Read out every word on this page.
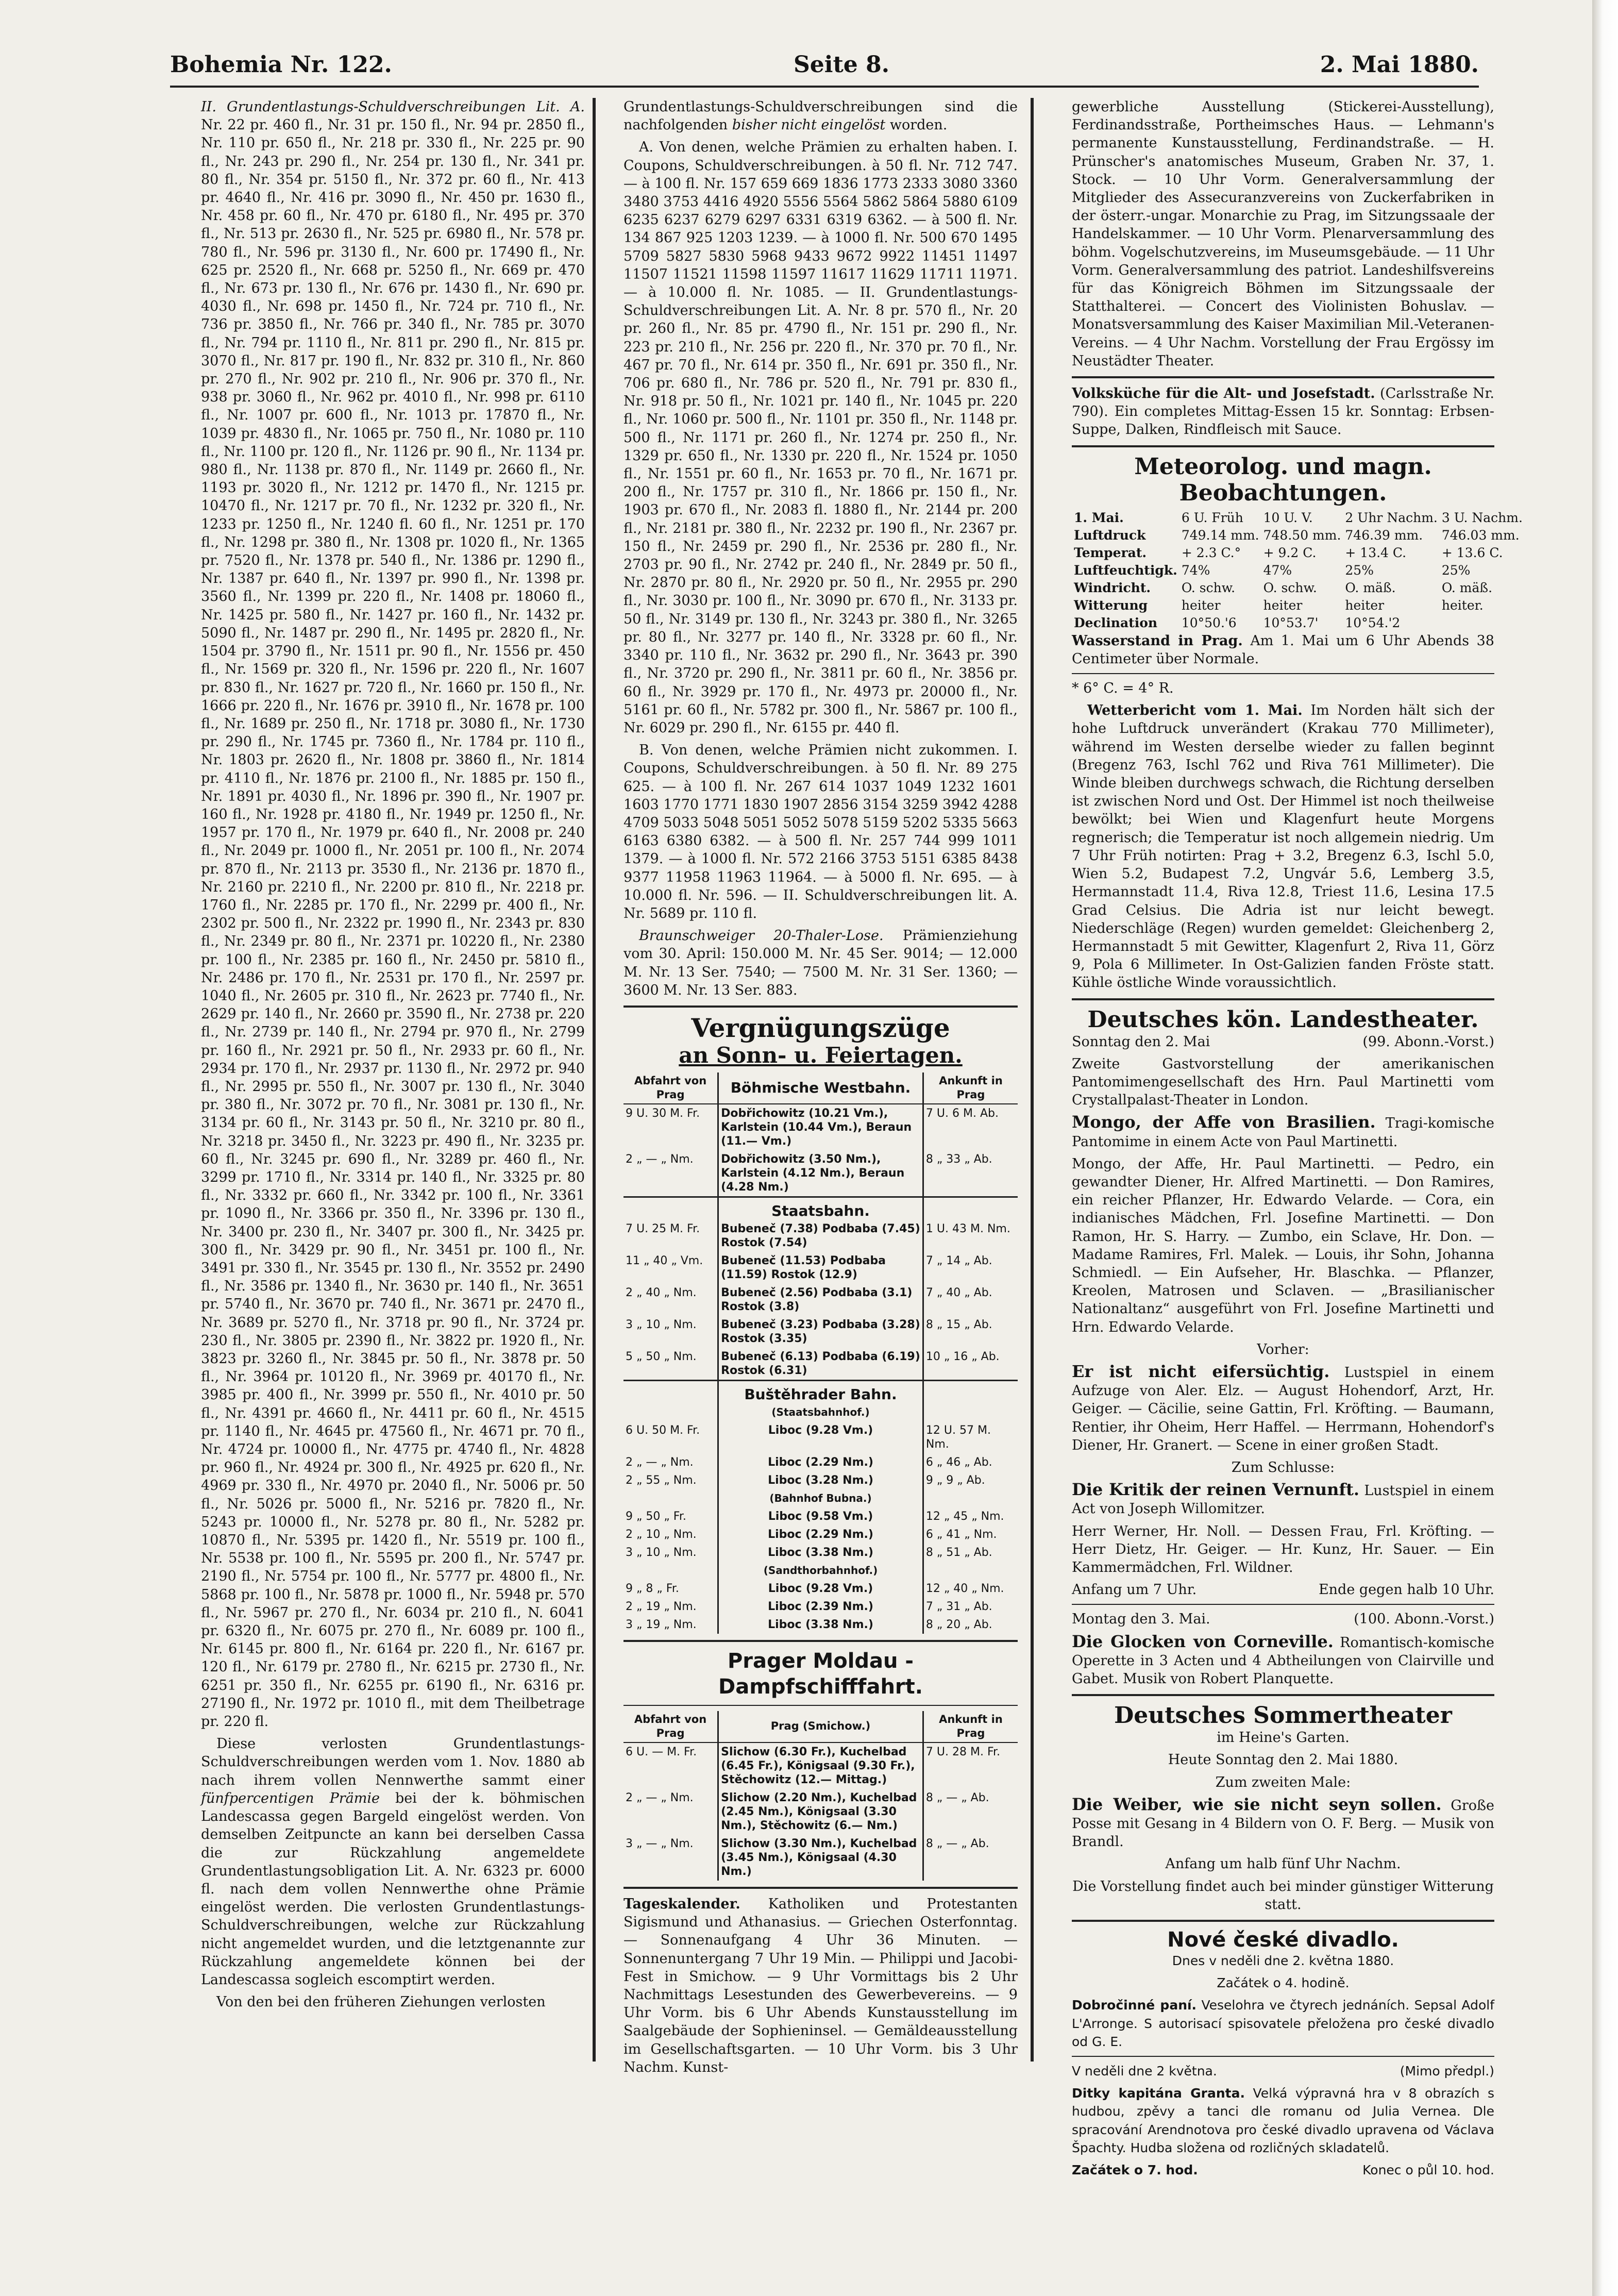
Bohemia Nr. 122.	Seite 8.	2. Mai 1880.

II. Grundentlastungs-Schuldverschreibungen Lit. A. Nr. 22 pr. 460 fl., Nr. 31 pr. 150 fl., Nr. 94 pr. 2850 fl., Nr. 110 pr. 650 fl., Nr. 218 pr. 330 fl., Nr. 225 pr. 90 fl., Nr. 243 pr. 290 fl., Nr. 254 pr. 130 fl., Nr. 341 pr. 80 fl., Nr. 354 pr. 5150 fl., Nr. 372 pr. 60 fl., Nr. 413 pr. 4640 fl., Nr. 416 pr. 3090 fl., Nr. 450 pr. 1630 fl., Nr. 458 pr. 60 fl., Nr. 470 pr. 6180 fl., Nr. 495 pr. 370 fl., Nr. 513 pr. 2630 fl., Nr. 525 pr. 6980 fl., Nr. 578 pr. 780 fl., Nr. 596 pr. 3130 fl., Nr. 600 pr. 17490 fl., Nr. 625 pr. 2520 fl., Nr. 668 pr. 5250 fl., Nr. 669 pr. 470 fl., Nr. 673 pr. 130 fl., Nr. 676 pr. 1430 fl., Nr. 690 pr. 4030 fl., Nr. 698 pr. 1450 fl., Nr. 724 pr. 710 fl., Nr. 736 pr. 3850 fl., Nr. 766 pr. 340 fl., Nr. 785 pr. 3070 fl., Nr. 794 pr. 1110 fl., Nr. 811 pr. 290 fl., Nr. 815 pr. 3070 fl., Nr. 817 pr. 190 fl., Nr. 832 pr. 310 fl., Nr. 860 pr. 270 fl., Nr. 902 pr. 210 fl., Nr. 906 pr. 370 fl., Nr. 938 pr. 3060 fl., Nr. 962 pr. 4010 fl., Nr. 998 pr. 6110 fl., Nr. 1007 pr. 600 fl., Nr. 1013 pr. 17870 fl., Nr. 1039 pr. 4830 fl., Nr. 1065 pr. 750 fl., Nr. 1080 pr. 110 fl., Nr. 1100 pr. 120 fl., Nr. 1126 pr. 90 fl., Nr. 1134 pr. 980 fl., Nr. 1138 pr. 870 fl., Nr. 1149 pr. 2660 fl., Nr. 1193 pr. 3020 fl., Nr. 1212 pr. 1470 fl., Nr. 1215 pr. 10470 fl., Nr. 1217 pr. 70 fl., Nr. 1232 pr. 320 fl., Nr. 1233 pr. 1250 fl., Nr. 1240 fl. 60 fl., Nr. 1251 pr. 170 fl., Nr. 1298 pr. 380 fl., Nr. 1308 pr. 1020 fl., Nr. 1365 pr. 7520 fl., Nr. 1378 pr. 540 fl., Nr. 1386 pr. 1290 fl., Nr. 1387 pr. 640 fl., Nr. 1397 pr. 990 fl., Nr. 1398 pr. 3560 fl., Nr. 1399 pr. 220 fl., Nr. 1408 pr. 18060 fl., Nr. 1425 pr. 580 fl., Nr. 1427 pr. 160 fl., Nr. 1432 pr. 5090 fl., Nr. 1487 pr. 290 fl., Nr. 1495 pr. 2820 fl., Nr. 1504 pr. 3790 fl., Nr. 1511 pr. 90 fl., Nr. 1556 pr. 450 fl., Nr. 1569 pr. 320 fl., Nr. 1596 pr. 220 fl., Nr. 1607 pr. 830 fl., Nr. 1627 pr. 720 fl., Nr. 1660 pr. 150 fl., Nr. 1666 pr. 220 fl., Nr. 1676 pr. 3910 fl., Nr. 1678 pr. 100 fl., Nr. 1689 pr. 250 fl., Nr. 1718 pr. 3080 fl., Nr. 1730 pr. 290 fl., Nr. 1745 pr. 7360 fl., Nr. 1784 pr. 110 fl., Nr. 1803 pr. 2620 fl., Nr. 1808 pr. 3860 fl., Nr. 1814 pr. 4110 fl., Nr. 1876 pr. 2100 fl., Nr. 1885 pr. 150 fl., Nr. 1891 pr. 4030 fl., Nr. 1896 pr. 390 fl., Nr. 1907 pr. 160 fl., Nr. 1928 pr. 4180 fl., Nr. 1949 pr. 1250 fl., Nr. 1957 pr. 170 fl., Nr. 1979 pr. 640 fl., Nr. 2008 pr. 240 fl., Nr. 2049 pr. 1000 fl., Nr. 2051 pr. 100 fl., Nr. 2074 pr. 870 fl., Nr. 2113 pr. 3530 fl., Nr. 2136 pr. 1870 fl., Nr. 2160 pr. 2210 fl., Nr. 2200 pr. 810 fl., Nr. 2218 pr. 1760 fl., Nr. 2285 pr. 170 fl., Nr. 2299 pr. 400 fl., Nr. 2302 pr. 500 fl., Nr. 2322 pr. 1990 fl., Nr. 2343 pr. 830 fl., Nr. 2349 pr. 80 fl., Nr. 2371 pr. 10220 fl., Nr. 2380 pr. 100 fl., Nr. 2385 pr. 160 fl., Nr. 2450 pr. 5810 fl., Nr. 2486 pr. 170 fl., Nr. 2531 pr. 170 fl., Nr. 2597 pr. 1040 fl., Nr. 2605 pr. 310 fl., Nr. 2623 pr. 7740 fl., Nr. 2629 pr. 140 fl., Nr. 2660 pr. 3590 fl., Nr. 2738 pr. 220 fl., Nr. 2739 pr. 140 fl., Nr. 2794 pr. 970 fl., Nr. 2799 pr. 160 fl., Nr. 2921 pr. 50 fl., Nr. 2933 pr. 60 fl., Nr. 2934 pr. 170 fl., Nr. 2937 pr. 1130 fl., Nr. 2972 pr. 940 fl., Nr. 2995 pr. 550 fl., Nr. 3007 pr. 130 fl., Nr. 3040 pr. 380 fl., Nr. 3072 pr. 70 fl., Nr. 3081 pr. 130 fl., Nr. 3134 pr. 60 fl., Nr. 3143 pr. 50 fl., Nr. 3210 pr. 80 fl., Nr. 3218 pr. 3450 fl., Nr. 3223 pr. 490 fl., Nr. 3235 pr. 60 fl., Nr. 3245 pr. 690 fl., Nr. 3289 pr. 460 fl., Nr. 3299 pr. 1710 fl., Nr. 3314 pr. 140 fl., Nr. 3325 pr. 80 fl., Nr. 3332 pr. 660 fl., Nr. 3342 pr. 100 fl., Nr. 3361 pr. 1090 fl., Nr. 3366 pr. 350 fl., Nr. 3396 pr. 130 fl., Nr. 3400 pr. 230 fl., Nr. 3407 pr. 300 fl., Nr. 3425 pr. 300 fl., Nr. 3429 pr. 90 fl., Nr. 3451 pr. 100 fl., Nr. 3491 pr. 330 fl., Nr. 3545 pr. 130 fl., Nr. 3552 pr. 2490 fl., Nr. 3586 pr. 1340 fl., Nr. 3630 pr. 140 fl., Nr. 3651 pr. 5740 fl., Nr. 3670 pr. 740 fl., Nr. 3671 pr. 2470 fl., Nr. 3689 pr. 5270 fl., Nr. 3718 pr. 90 fl., Nr. 3724 pr. 230 fl., Nr. 3805 pr. 2390 fl., Nr. 3822 pr. 1920 fl., Nr. 3823 pr. 3260 fl., Nr. 3845 pr. 50 fl., Nr. 3878 pr. 50 fl., Nr. 3964 pr. 10120 fl., Nr. 3969 pr. 40170 fl., Nr. 3985 pr. 400 fl., Nr. 3999 pr. 550 fl., Nr. 4010 pr. 50 fl., Nr. 4391 pr. 4660 fl., Nr. 4411 pr. 60 fl., Nr. 4515 pr. 1140 fl., Nr. 4645 pr. 47560 fl., Nr. 4671 pr. 70 fl., Nr. 4724 pr. 10000 fl., Nr. 4775 pr. 4740 fl., Nr. 4828 pr. 960 fl., Nr. 4924 pr. 300 fl., Nr. 4925 pr. 620 fl., Nr. 4969 pr. 330 fl., Nr. 4970 pr. 2040 fl., Nr. 5006 pr. 50 fl., Nr. 5026 pr. 5000 fl., Nr. 5216 pr. 7820 fl., Nr. 5243 pr. 10000 fl., Nr. 5278 pr. 80 fl., Nr. 5282 pr. 10870 fl., Nr. 5395 pr. 1420 fl., Nr. 5519 pr. 100 fl., Nr. 5538 pr. 100 fl., Nr. 5595 pr. 200 fl., Nr. 5747 pr. 2190 fl., Nr. 5754 pr. 100 fl., Nr. 5777 pr. 4800 fl., Nr. 5868 pr. 100 fl., Nr. 5878 pr. 1000 fl., Nr. 5948 pr. 570 fl., Nr. 5967 pr. 270 fl., Nr. 6034 pr. 210 fl., N. 6041 pr. 6320 fl., Nr. 6075 pr. 270 fl., Nr. 6089 pr. 100 fl., Nr. 6145 pr. 800 fl., Nr. 6164 pr. 220 fl., Nr. 6167 pr. 120 fl., Nr. 6179 pr. 2780 fl., Nr. 6215 pr. 2730 fl., Nr. 6251 pr. 350 fl., Nr. 6255 pr. 6190 fl., Nr. 6316 pr. 27190 fl., Nr. 1972 pr. 1010 fl., mit dem Theilbetrage pr. 220 fl.

Diese verlosten Grundentlastungs-Schuldverschreibungen werden vom 1. Nov. 1880 ab nach ihrem vollen Nennwerthe sammt einer fünfpercentigen Prämie bei der k. böhmischen Landescassa gegen Bargeld eingelöst werden. Von demselben Zeitpuncte an kann bei derselben Cassa die zur Rückzahlung angemeldete Grundentlastungsobligation Lit. A. Nr. 6323 pr. 6000 fl. nach dem vollen Nennwerthe ohne Prämie eingelöst werden. Die verlosten Grundentlastungs-Schuldverschreibungen, welche zur Rückzahlung nicht angemeldet wurden, und die letztgenannte zur Rückzahlung angemeldete können bei der Landescassa sogleich escomptirt werden.

Von den bei den früheren Ziehungen verlosten

Grundentlastungs-Schuldverschreibungen sind die nachfolgenden bisher nicht eingelöst worden.

A. Von denen, welche Prämien zu erhalten haben. I. Coupons, Schuldverschreibungen. à 50 fl. Nr. 712 747. — à 100 fl. Nr. 157 659 669 1836 1773 2333 3080 3360 3480 3753 4416 4920 5556 5564 5862 5864 5880 6109 6235 6237 6279 6297 6331 6319 6362. — à 500 fl. Nr. 134 867 925 1203 1239. — à 1000 fl. Nr. 500 670 1495 5709 5827 5830 5968 9433 9672 9922 11451 11497 11507 11521 11598 11597 11617 11629 11711 11971. — à 10.000 fl. Nr. 1085. — II. Grundentlastungs-Schuldverschreibungen Lit. A. Nr. 8 pr. 570 fl., Nr. 20 pr. 260 fl., Nr. 85 pr. 4790 fl., Nr. 151 pr. 290 fl., Nr. 223 pr. 210 fl., Nr. 256 pr. 220 fl., Nr. 370 pr. 70 fl., Nr. 467 pr. 70 fl., Nr. 614 pr. 350 fl., Nr. 691 pr. 350 fl., Nr. 706 pr. 680 fl., Nr. 786 pr. 520 fl., Nr. 791 pr. 830 fl., Nr. 918 pr. 50 fl., Nr. 1021 pr. 140 fl., Nr. 1045 pr. 220 fl., Nr. 1060 pr. 500 fl., Nr. 1101 pr. 350 fl., Nr. 1148 pr. 500 fl., Nr. 1171 pr. 260 fl., Nr. 1274 pr. 250 fl., Nr. 1329 pr. 650 fl., Nr. 1330 pr. 220 fl., Nr. 1524 pr. 1050 fl., Nr. 1551 pr. 60 fl., Nr. 1653 pr. 70 fl., Nr. 1671 pr. 200 fl., Nr. 1757 pr. 310 fl., Nr. 1866 pr. 150 fl., Nr. 1903 pr. 670 fl., Nr. 2083 fl. 1880 fl., Nr. 2144 pr. 200 fl., Nr. 2181 pr. 380 fl., Nr. 2232 pr. 190 fl., Nr. 2367 pr. 150 fl., Nr. 2459 pr. 290 fl., Nr. 2536 pr. 280 fl., Nr. 2703 pr. 90 fl., Nr. 2742 pr. 240 fl., Nr. 2849 pr. 50 fl., Nr. 2870 pr. 80 fl., Nr. 2920 pr. 50 fl., Nr. 2955 pr. 290 fl., Nr. 3030 pr. 100 fl., Nr. 3090 pr. 670 fl., Nr. 3133 pr. 50 fl., Nr. 3149 pr. 130 fl., Nr. 3243 pr. 380 fl., Nr. 3265 pr. 80 fl., Nr. 3277 pr. 140 fl., Nr. 3328 pr. 60 fl., Nr. 3340 pr. 110 fl., Nr. 3632 pr. 290 fl., Nr. 3643 pr. 390 fl., Nr. 3720 pr. 290 fl., Nr. 3811 pr. 60 fl., Nr. 3856 pr. 60 fl., Nr. 3929 pr. 170 fl., Nr. 4973 pr. 20000 fl., Nr. 5161 pr. 60 fl., Nr. 5782 pr. 300 fl., Nr. 5867 pr. 100 fl., Nr. 6029 pr. 290 fl., Nr. 6155 pr. 440 fl.

B. Von denen, welche Prämien nicht zukommen. I. Coupons, Schuldverschreibungen. à 50 fl. Nr. 89 275 625. — à 100 fl. Nr. 267 614 1037 1049 1232 1601 1603 1770 1771 1830 1907 2856 3154 3259 3942 4288 4709 5033 5048 5051 5052 5078 5159 5202 5335 5663 6163 6380 6382. — à 500 fl. Nr. 257 744 999 1011 1379. — à 1000 fl. Nr. 572 2166 3753 5151 6385 8438 9377 11958 11963 11964. — à 5000 fl. Nr. 695. — à 10.000 fl. Nr. 596. — II. Schuldverschreibungen lit. A. Nr. 5689 pr. 110 fl.

Braunschweiger 20-Thaler-Lose. Prämienziehung vom 30. April: 150.000 M. Nr. 45 Ser. 9014; — 12.000 M. Nr. 13 Ser. 7540; — 7500 M. Nr. 31 Ser. 1360; — 3600 M. Nr. 13 Ser. 883.

Vergnügungszüge
an Sonn- u. Feiertagen.
Abfahrt von Prag	Böhmische Westbahn.	Ankunft in Prag
9 U. 30 M. Fr.	Dobřichowitz (10.21 Vm.), Karlstein (10.44 Vm.), Beraun (11.— Vm.)	7 U. 6 M. Ab.
2 „ — „ Nm.	Dobřichowitz (3.50 Nm.), Karlstein (4.12 Nm.), Beraun (4.28 Nm.)	8 „ 33 „ Ab.
	Staatsbahn.	
7 U. 25 M. Fr.	Bubeneč (7.38) Podbaba (7.45) Rostok (7.54)	1 U. 43 M. Nm.
11 „ 40 „ Vm.	Bubeneč (11.53) Podbaba (11.59) Rostok (12.9)	7 „ 14 „ Ab.
2 „ 40 „ Nm.	Bubeneč (2.56) Podbaba (3.1) Rostok (3.8)	7 „ 40 „ Ab.
3 „ 10 „ Nm.	Bubeneč (3.23) Podbaba (3.28) Rostok (3.35)	8 „ 15 „ Ab.
5 „ 50 „ Nm.	Bubeneč (6.13) Podbaba (6.19) Rostok (6.31)	10 „ 16 „ Ab.
	Buštěhrader Bahn.	
	(Staatsbahnhof.)	
6 U. 50 M. Fr.	Liboc (9.28 Vm.)	12 U. 57 M. Nm.
2 „ — „ Nm.	Liboc (2.29 Nm.)	6 „ 46 „ Ab.
2 „ 55 „ Nm.	Liboc (3.28 Nm.)	9 „ 9 „ Ab.
	(Bahnhof Bubna.)	
9 „ 50 „ Fr.	Liboc (9.58 Vm.)	12 „ 45 „ Nm.
2 „ 10 „ Nm.	Liboc (2.29 Nm.)	6 „ 41 „ Nm.
3 „ 10 „ Nm.	Liboc (3.38 Nm.)	8 „ 51 „ Ab.
	(Sandthorbahnhof.)	
9 „ 8 „ Fr.	Liboc (9.28 Vm.)	12 „ 40 „ Nm.
2 „ 19 „ Nm.	Liboc (2.39 Nm.)	7 „ 31 „ Ab.
3 „ 19 „ Nm.	Liboc (3.38 Nm.)	8 „ 20 „ Ab.
Prager Moldau - Dampfschifffahrt.
Abfahrt von Prag	Prag (Smichow.)	Ankunft in Prag
6 U. — M. Fr.	Slichow (6.30 Fr.), Kuchelbad (6.45 Fr.), Königsaal (9.30 Fr.), Stěchowitz (12.— Mittag.)	7 U. 28 M. Fr.
2 „ — „ Nm.	Slichow (2.20 Nm.), Kuchelbad (2.45 Nm.), Königsaal (3.30 Nm.), Stěchowitz (6.— Nm.)	8 „ — „ Ab.
3 „ — „ Nm.	Slichow (3.30 Nm.), Kuchelbad (3.45 Nm.), Königsaal (4.30 Nm.)	8 „ — „ Ab.

Tageskalender. Katholiken und Protestanten Sigismund und Athanasius. — Griechen Osterfonntag. — Sonnenaufgang 4 Uhr 36 Minuten. — Sonnenuntergang 7 Uhr 19 Min. — Philippi und Jacobi-Fest in Smichow. — 9 Uhr Vormittags bis 2 Uhr Nachmittags Lesestunden des Gewerbevereins. — 9 Uhr Vorm. bis 6 Uhr Abends Kunstausstellung im Saalgebäude der Sophieninsel. — Gemäldeausstellung im Gesellschaftsgarten. — 10 Uhr Vorm. bis 3 Uhr Nachm. Kunst-

gewerbliche Ausstellung (Stickerei-Ausstellung), Ferdinandsstraße, Portheimsches Haus. — Lehmann's permanente Kunstausstellung, Ferdinandstraße. — H. Prünscher's anatomisches Museum, Graben Nr. 37, 1. Stock. — 10 Uhr Vorm. Generalversammlung der Mitglieder des Assecuranzvereins von Zuckerfabriken in der österr.-ungar. Monarchie zu Prag, im Sitzungssaale der Handelskammer. — 10 Uhr Vorm. Plenarversammlung des böhm. Vogelschutzvereins, im Museumsgebäude. — 11 Uhr Vorm. Generalversammlung des patriot. Landeshilfsvereins für das Königreich Böhmen im Sitzungssaale der Statthalterei. — Concert des Violinisten Bohuslav. — Monatsversammlung des Kaiser Maximilian Mil.-Veteranen-Vereins. — 4 Uhr Nachm. Vorstellung der Frau Ergössy im Neustädter Theater.

Volksküche für die Alt- und Josefstadt. (Carlsstraße Nr. 790). Ein completes Mittag-Essen 15 kr. Sonntag: Erbsen-Suppe, Dalken, Rindfleisch mit Sauce.

Meteorolog. und magn. Beobachtungen.
1. Mai.	6 U. Früh	10 U. V.	2 Uhr Nachm.	3 U. Nachm.
Luftdruck	749.14 mm.	748.50 mm.	746.39 mm.	746.03 mm.
Temperat.	+ 2.3 C.°	+ 9.2 C.	+ 13.4 C.	+ 13.6 C.
Luftfeuchtigk.	74%	47%	25%	25%
Windricht.	O. schw.	O. schw.	O. mäß.	O. mäß.
Witterung	heiter	heiter	heiter	heiter.
Declination	10°50.'6	10°53.7'	10°54.'2	

Wasserstand in Prag. Am 1. Mai um 6 Uhr Abends 38 Centimeter über Normale.

* 6° C. = 4° R.

Wetterbericht vom 1. Mai. Im Norden hält sich der hohe Luftdruck unverändert (Krakau 770 Millimeter), während im Westen derselbe wieder zu fallen beginnt (Bregenz 763, Ischl 762 und Riva 761 Millimeter). Die Winde bleiben durchwegs schwach, die Richtung derselben ist zwischen Nord und Ost. Der Himmel ist noch theilweise bewölkt; bei Wien und Klagenfurt heute Morgens regnerisch; die Temperatur ist noch allgemein niedrig. Um 7 Uhr Früh notirten: Prag + 3.2, Bregenz 6.3, Ischl 5.0, Wien 5.2, Budapest 7.2, Ungvár 5.6, Lemberg 3.5, Hermannstadt 11.4, Riva 12.8, Triest 11.6, Lesina 17.5 Grad Celsius. Die Adria ist nur leicht bewegt. Niederschläge (Regen) wurden gemeldet: Gleichenberg 2, Hermannstadt 5 mit Gewitter, Klagenfurt 2, Riva 11, Görz 9, Pola 6 Millimeter. In Ost-Galizien fanden Fröste statt. Kühle östliche Winde voraussichtlich.

Deutsches kön. Landestheater.

Sonntag den 2. Mai	(99. Abonn.-Vorst.)

Zweite Gastvorstellung der amerikanischen Pantomimengesellschaft des Hrn. Paul Martinetti vom Crystallpalast-Theater in London.

Mongo, der Affe von Brasilien. Tragi-komische Pantomime in einem Acte von Paul Martinetti.

Mongo, der Affe, Hr. Paul Martinetti. — Pedro, ein gewandter Diener, Hr. Alfred Martinetti. — Don Ramires, ein reicher Pflanzer, Hr. Edwardo Velarde. — Cora, ein indianisches Mädchen, Frl. Josefine Martinetti. — Don Ramon, Hr. S. Harry. — Zumbo, ein Sclave, Hr. Don. — Madame Ramires, Frl. Malek. — Louis, ihr Sohn, Johanna Schmiedl. — Ein Aufseher, Hr. Blaschka. — Pflanzer, Kreolen, Matrosen und Sclaven. — „Brasilianischer Nationaltanz“ ausgeführt von Frl. Josefine Martinetti und Hrn. Edwardo Velarde.

Vorher:

Er ist nicht eifersüchtig. Lustspiel in einem Aufzuge von Aler. Elz. — August Hohendorf, Arzt, Hr. Geiger. — Cäcilie, seine Gattin, Frl. Kröfting. — Baumann, Rentier, ihr Oheim, Herr Haffel. — Herrmann, Hohendorf's Diener, Hr. Granert. — Scene in einer großen Stadt.

Zum Schlusse:

Die Kritik der reinen Vernunft. Lustspiel in einem Act von Joseph Willomitzer.

Herr Werner, Hr. Noll. — Dessen Frau, Frl. Kröfting. — Herr Dietz, Hr. Geiger. — Hr. Kunz, Hr. Sauer. — Ein Kammermädchen, Frl. Wildner.

Anfang um 7 Uhr.	Ende gegen halb 10 Uhr.

Montag den 3. Mai.	(100. Abonn.-Vorst.)

Die Glocken von Corneville. Romantisch-komische Operette in 3 Acten und 4 Abtheilungen von Clairville und Gabet. Musik von Robert Planquette.

Deutsches Sommertheater

im Heine's Garten.

Heute Sonntag den 2. Mai 1880.

Zum zweiten Male:

Die Weiber, wie sie nicht seyn sollen. Große Posse mit Gesang in 4 Bildern von O. F. Berg. — Musik von Brandl.

Anfang um halb fünf Uhr Nachm.

Die Vorstellung findet auch bei minder günstiger Witterung statt.

Nové české divadlo.

Dnes v neděli dne 2. května 1880.

Začátek o 4. hodině.

Dobročinné paní. Veselohra ve čtyrech jednáních. Sepsal Adolf L'Arronge. S autorisací spisovatele přeložena pro české divadlo od G. E.

V neděli dne 2 května.	(Mimo předpl.)

Ditky kapitána Granta. Velká výpravná hra v 8 obrazích s hudbou, zpěvy a tanci dle romanu od Julia Vernea. Dle spracování Arendnotova pro české divadlo upravena od Václava Špachty. Hudba složena od rozličných skladatelů.

Začátek o 7. hod.	Konec o půl 10. hod.
